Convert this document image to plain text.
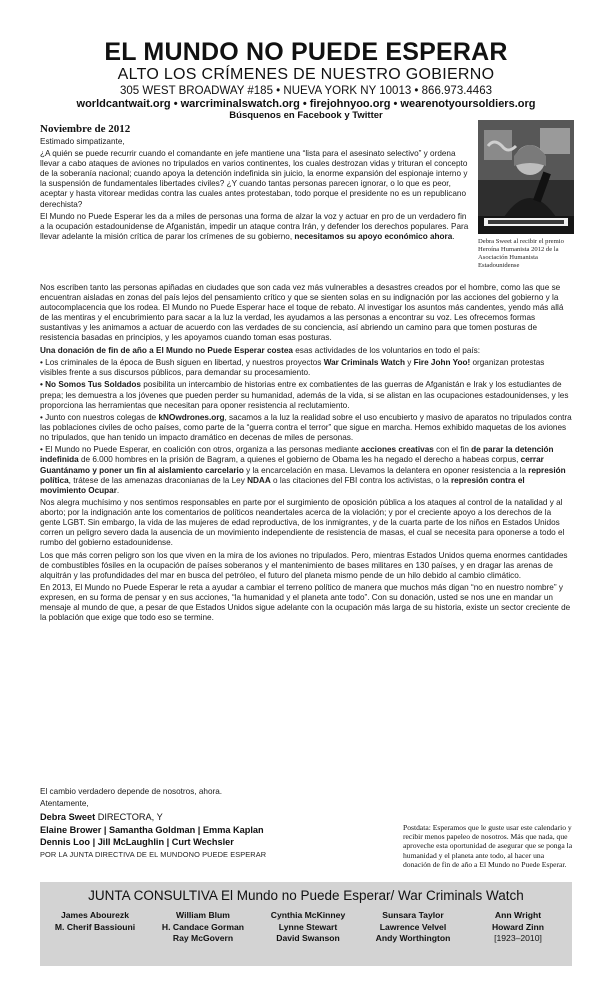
EL MUNDO NO PUEDE ESPERAR
ALTO LOS CRÍMENES DE NUESTRO GOBIERNO
305 WEST BROADWAY #185 • NUEVA YORK NY 10013 • 866.973.4463
worldcantwait.org • warcriminalswatch.org • firejohnyoo.org • wearenotyoursoldiers.org
Búsquenos en Facebook y Twitter
Noviembre de 2012
Debra Sweet al recibir el premio Heroína Humanista 2012 de la Asociación Humanista Estadounidense

Estimado simpatizante,

¿A quién se puede recurrir cuando el comandante en jefe mantiene una “lista para el asesinato selectivo” y ordena llevar a cabo ataques de aviones no tripulados en varios continentes, los cuales destrozan vidas y trituran el concepto de la soberanía nacional; cuando apoya la detención indefinida sin juicio, la enorme expansión del espionaje interno y la suspensión de fundamentales libertades civiles? ¿Y cuando tantas personas parecen ignorar, o lo que es peor, aceptar y hasta vitorear medidas contra las cuales antes protestaban, todo porque el presidente no es un republicano derechista?

El Mundo no Puede Esperar les da a miles de personas una forma de alzar la voz y actuar en pro de un verdadero fin a la ocupación estadounidense de Afganistán, impedir un ataque contra Irán, y defender los derechos populares. Para llevar adelante la misión crítica de parar los crímenes de su gobierno, necesitamos su apoyo económico ahora.

Nos escriben tanto las personas apiñadas en ciudades que son cada vez más vulnerables a desastres creados por el hombre, como las que se encuentran aisladas en zonas del país lejos del pensamiento crítico y que se sienten solas en su indignación por las acciones del gobierno y la autocomplacencia que los rodea. El Mundo no Puede Esperar hace el toque de rebato. Al investigar los asuntos más candentes, yendo más allá de las mentiras y el encubrimiento para sacar a la luz la verdad, les ayudamos a las personas a encontrar su voz. Les ofrecemos formas sustantivas y les animamos a actuar de acuerdo con las verdades de su conciencia, así abriendo un camino para que tomen posturas de resistencia basadas en principios, y les apoyamos cuando toman esas posturas.

Una donación de fin de año a El Mundo no Puede Esperar costea esas actividades de los voluntarios en todo el país:

• Los criminales de la época de Bush siguen en libertad, y nuestros proyectos War Criminals Watch y Fire John Yoo! organizan protestas visibles frente a sus discursos públicos, para demandar su procesamiento.

• No Somos Tus Soldados posibilita un intercambio de historias entre ex combatientes de las guerras de Afganistán e Irak y los estudiantes de prepa; les demuestra a los jóvenes que pueden perder su humanidad, además de la vida, si se alistan en las ocupaciones estadounidenses, y les proporciona las herramientas que necesitan para oponer resistencia al reclutamiento.

• Junto con nuestros colegas de kNOwdrones.org, sacamos a la luz la realidad sobre el uso encubierto y masivo de aparatos no tripulados contra las poblaciones civiles de ocho países, como parte de la “guerra contra el terror” que sigue en marcha. Hemos exhibido maquetas de los aviones no tripulados, que han tenido un impacto dramático en decenas de miles de personas.

• El Mundo no Puede Esperar, en coalición con otros, organiza a las personas mediante acciones creativas con el fin de parar la detención indefinida de 6.000 hombres en la prisión de Bagram, a quienes el gobierno de Obama les ha negado el derecho a habeas corpus, cerrar Guantánamo y poner un fin al aislamiento carcelario y la encarcelación en masa. Llevamos la delantera en oponer resistencia a la represión política, trátese de las amenazas draconianas de la Ley NDAA o las citaciones del FBI contra los activistas, o la represión contra el movimiento Ocupar.

Nos alegra muchísimo y nos sentimos responsables en parte por el surgimiento de oposición pública a los ataques al control de la natalidad y al aborto; por la indignación ante los comentarios de políticos neandertales acerca de la violación; y por el creciente apoyo a los derechos de la gente LGBT. Sin embargo, la vida de las mujeres de edad reproductiva, de los inmigrantes, y de la cuarta parte de los niños en Estados Unidos corren un peligro severo dada la ausencia de un movimiento independiente de resistencia de masas, el cual se necesita para oponerse a todo el rumbo del gobierno estadounidense.

Los que más corren peligro son los que viven en la mira de los aviones no tripulados. Pero, mientras Estados Unidos quema enormes cantidades de combustibles fósiles en la ocupación de países soberanos y el mantenimiento de bases militares en 130 países, y en dragar las arenas de alquitrán y las profundidades del mar en busca del petróleo, el futuro del planeta mismo pende de un hilo debido al cambio climático.

En 2013, El Mundo no Puede Esperar le reta a ayudar a cambiar el terreno político de manera que muchos más digan “no en nuestro nombre” y expresen, en su forma de pensar y en sus acciones, “la humanidad y el planeta ante todo”. Con su donación, usted se nos une en mandar un mensaje al mundo de que, a pesar de que Estados Unidos sigue adelante con la ocupación más larga de su historia, existe un sector creciente de la población que exige que todo eso se termine.

El cambio verdadero depende de nosotros, ahora.

Atentamente,

Debra Sweet DIRECTORA, Y
Elaine Brower | Samantha Goldman | Emma Kaplan
Dennis Loo | Jill McLaughlin | Curt Wechsler
POR LA JUNTA DIRECTIVA DE EL MUNDONO PUEDE ESPERAR
Postdata: Esperamos que le guste usar este calendario y recibir menos papeleo de nosotros. Más que nada, que aproveche esta oportunidad de asegurar que se ponga la humanidad y el planeta ante todo, al hacer una donación de fin de año a El Mundo no Puede Esperar.
JUNTA CONSULTIVA El Mundo no Puede Esperar/ War Criminals Watch
James Abourezk
M. Cherif Bassiouni
William Blum
H. Candace Gorman
Ray McGovern
Cynthia McKinney
Lynne Stewart
David Swanson
Sunsara Taylor
Lawrence Velvel
Andy Worthington
Ann Wright
Howard Zinn
[1923–2010]
